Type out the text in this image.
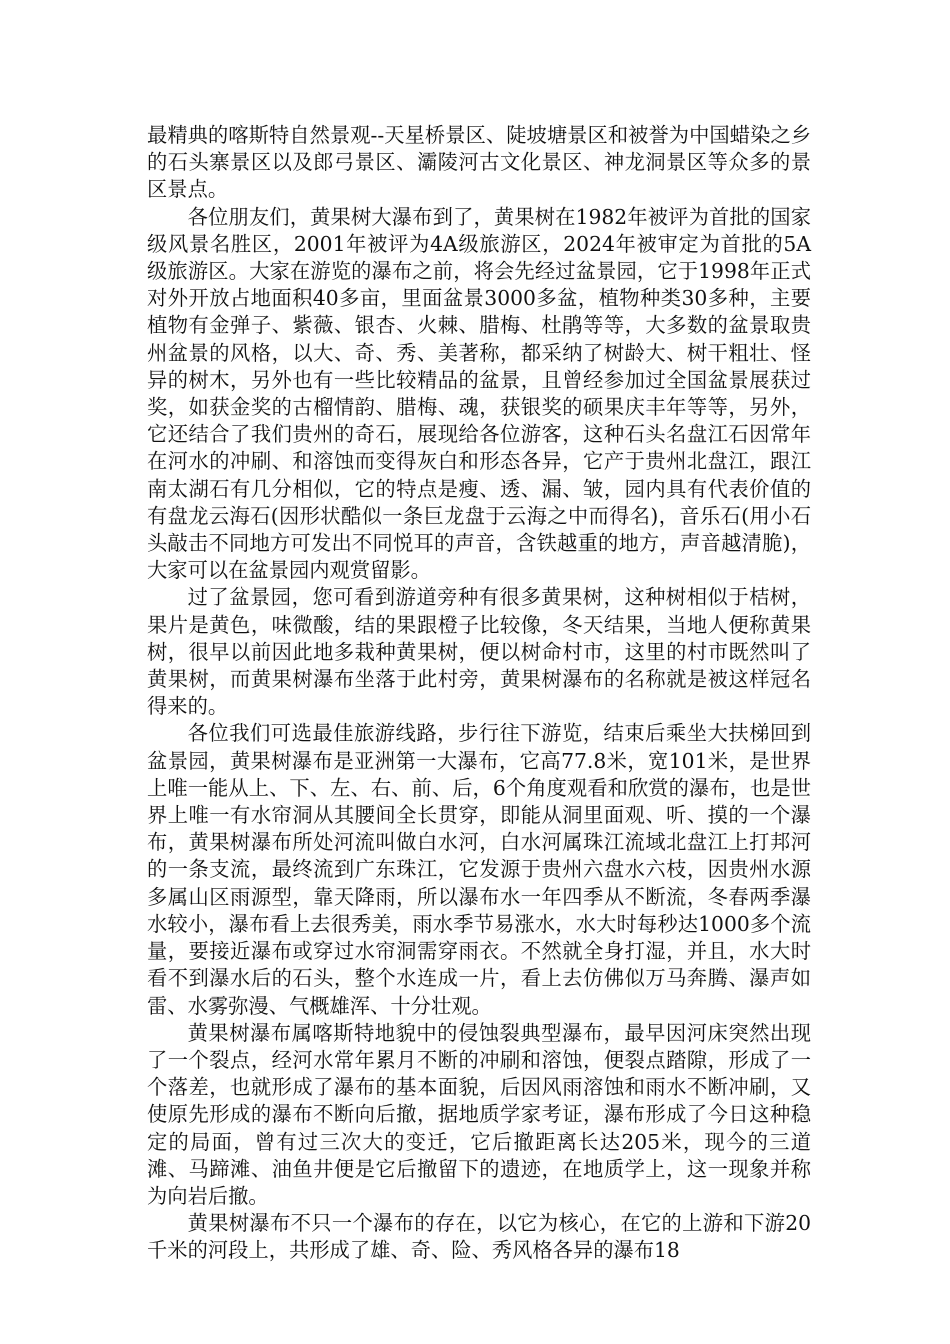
最精典的喀斯特自然景观--天星桥景区、陡坡塘景区和被誉为中国蜡染之乡的石头寨景区以及郎弓景区、灞陵河古文化景区、神龙洞景区等众多的景区景点。

各位朋友们，黄果树大瀑布到了，黄果树在1982年被评为首批的国家级风景名胜区，2001年被评为4A级旅游区，2024年被审定为首批的5A级旅游区。大家在游览的瀑布之前，将会先经过盆景园，它于1998年正式对外开放占地面积40多亩，里面盆景3000多盆，植物种类30多种，主要植物有金弹子、紫薇、银杏、火棘、腊梅、杜鹃等等，大多数的盆景取贵州盆景的风格，以大、奇、秀、美著称，都采纳了树龄大、树干粗壮、怪异的树木，另外也有一些比较精品的盆景，且曾经参加过全国盆景展获过奖，如获金奖的古榴情韵、腊梅、魂，获银奖的硕果庆丰年等等，另外，它还结合了我们贵州的奇石，展现给各位游客，这种石头名盘江石因常年在河水的冲刷、和溶蚀而变得灰白和形态各异，它产于贵州北盘江，跟江南太湖石有几分相似，它的特点是瘦、透、漏、皱，园内具有代表价值的有盘龙云海石(因形状酷似一条巨龙盘于云海之中而得名)，音乐石(用小石头敲击不同地方可发出不同悦耳的声音，含铁越重的地方，声音越清脆)，大家可以在盆景园内观赏留影。

过了盆景园，您可看到游道旁种有很多黄果树，这种树相似于桔树，果片是黄色，味微酸，结的果跟橙子比较像，冬天结果，当地人便称黄果树，很早以前因此地多栽种黄果树，便以树命村市，这里的村市既然叫了黄果树，而黄果树瀑布坐落于此村旁，黄果树瀑布的名称就是被这样冠名得来的。

各位我们可选最佳旅游线路，步行往下游览，结束后乘坐大扶梯回到盆景园，黄果树瀑布是亚洲第一大瀑布，它高77.8米，宽101米，是世界上唯一能从上、下、左、右、前、后，6个角度观看和欣赏的瀑布，也是世界上唯一有水帘洞从其腰间全长贯穿，即能从洞里面观、听、摸的一个瀑布，黄果树瀑布所处河流叫做白水河，白水河属珠江流域北盘江上打邦河的一条支流，最终流到广东珠江，它发源于贵州六盘水六枝，因贵州水源多属山区雨源型，靠天降雨，所以瀑布水一年四季从不断流，冬春两季瀑水较小，瀑布看上去很秀美，雨水季节易涨水，水大时每秒达1000多个流量，要接近瀑布或穿过水帘洞需穿雨衣。不然就全身打湿，并且，水大时看不到瀑水后的石头，整个水连成一片，看上去仿佛似万马奔腾、瀑声如雷、水雾弥漫、气概雄浑、十分壮观。

黄果树瀑布属喀斯特地貌中的侵蚀裂典型瀑布，最早因河床突然出现了一个裂点，经河水常年累月不断的冲刷和溶蚀，便裂点踏隙，形成了一个落差，也就形成了瀑布的基本面貌，后因风雨溶蚀和雨水不断冲刷，又使原先形成的瀑布不断向后撤，据地质学家考证，瀑布形成了今日这种稳定的局面，曾有过三次大的变迁，它后撤距离长达205米，现今的三道滩、马蹄滩、油鱼井便是它后撤留下的遗迹，在地质学上，这一现象并称为向岩后撤。

黄果树瀑布不只一个瀑布的存在，以它为核心，在它的上游和下游20千米的河段上，共形成了雄、奇、险、秀风格各异的瀑布18
